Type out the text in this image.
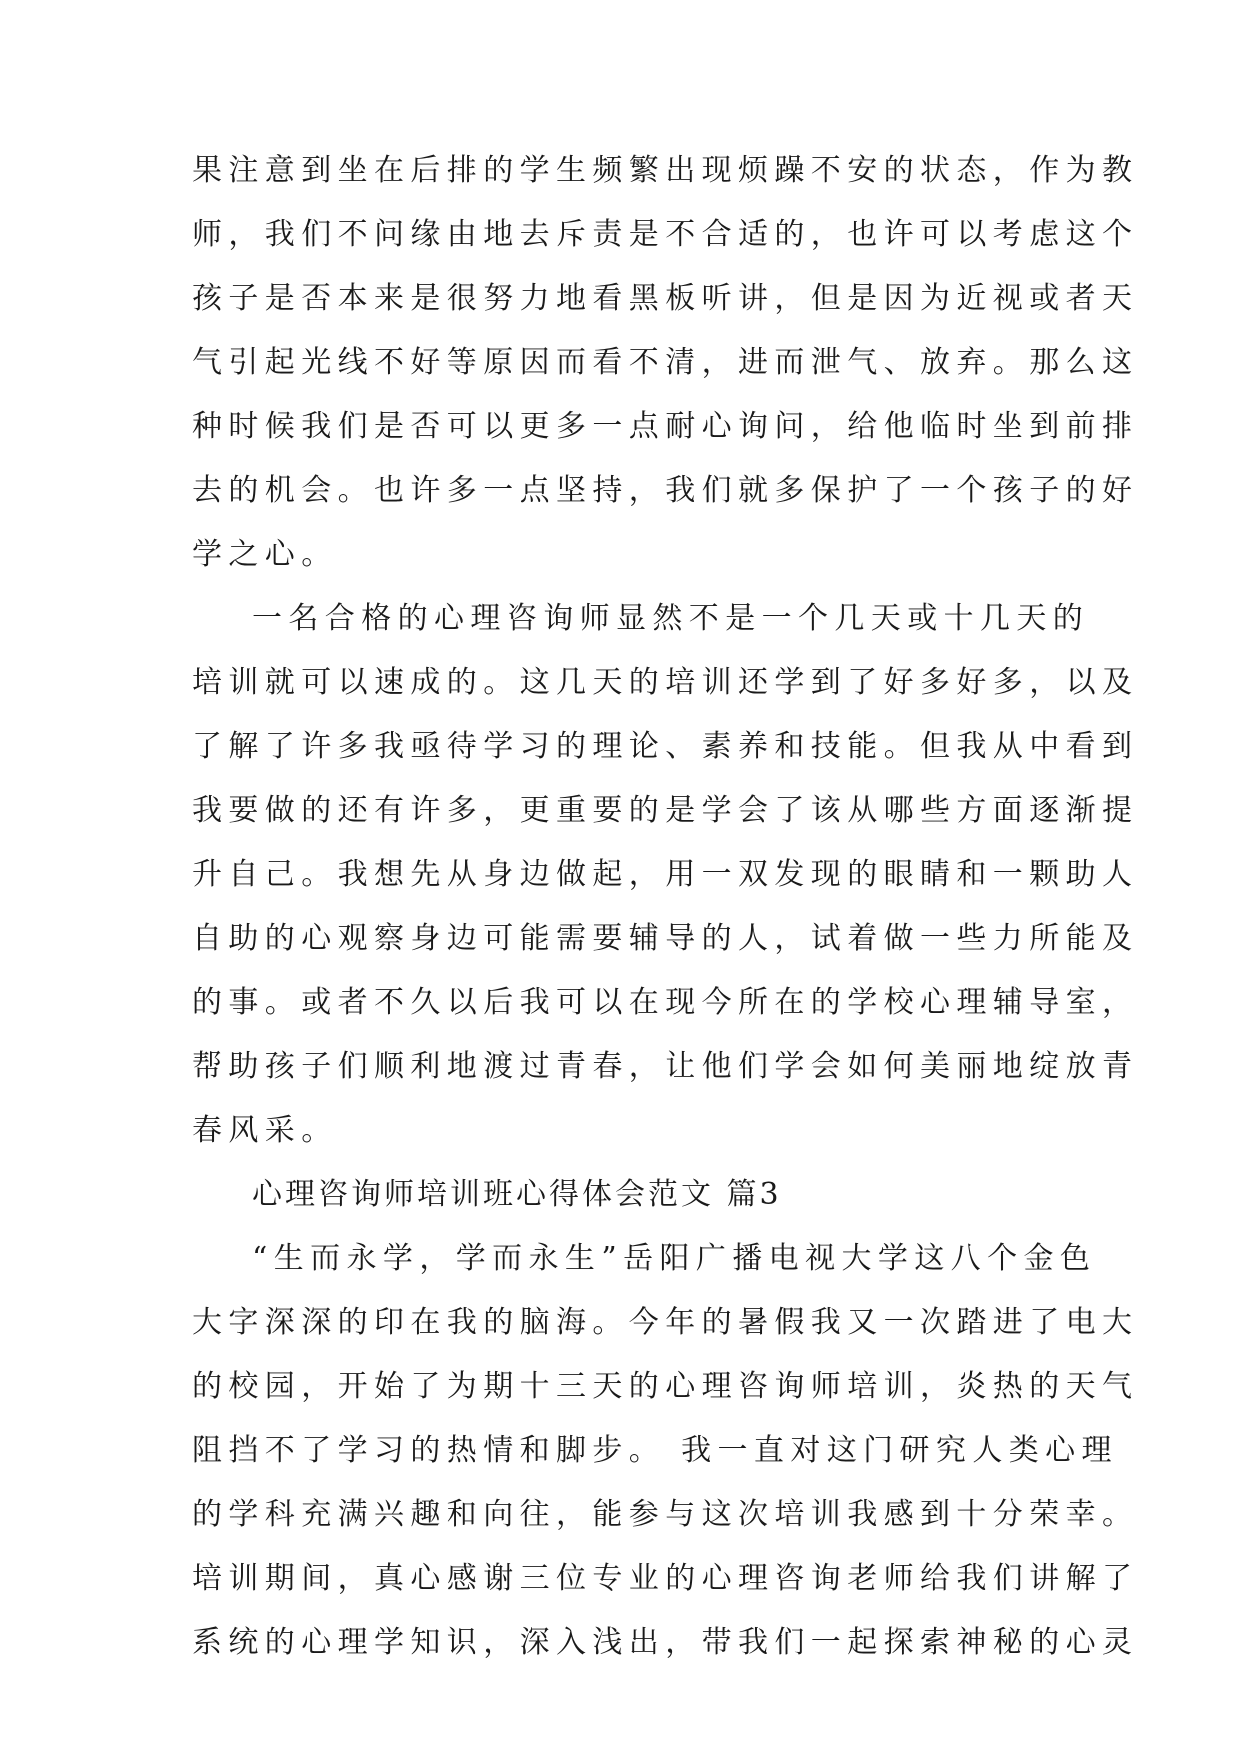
果注意到坐在后排的学生频繁出现烦躁不安的状态，作为教
师，我们不问缘由地去斥责是不合适的，也许可以考虑这个
孩子是否本来是很努力地看黑板听讲，但是因为近视或者天
气引起光线不好等原因而看不清，进而泄气、放弃。那么这
种时候我们是否可以更多一点耐心询问，给他临时坐到前排
去的机会。也许多一点坚持，我们就多保护了一个孩子的好
学之心。
一名合格的心理咨询师显然不是一个几天或十几天的
培训就可以速成的。这几天的培训还学到了好多好多，以及
了解了许多我亟待学习的理论、素养和技能。但我从中看到
我要做的还有许多，更重要的是学会了该从哪些方面逐渐提
升自己。我想先从身边做起，用一双发现的眼睛和一颗助人
自助的心观察身边可能需要辅导的人，试着做一些力所能及
的事。或者不久以后我可以在现今所在的学校心理辅导室，
帮助孩子们顺利地渡过青春，让他们学会如何美丽地绽放青
春风采。
心理咨询师培训班心得体会范文 篇3
“生而永学，学而永生”岳阳广播电视大学这八个金色
大字深深的印在我的脑海。今年的暑假我又一次踏进了电大
的校园，开始了为期十三天的心理咨询师培训，炎热的天气
阻挡不了学习的热情和脚步。 我一直对这门研究人类心理
的学科充满兴趣和向往，能参与这次培训我感到十分荣幸。
培训期间，真心感谢三位专业的心理咨询老师给我们讲解了
系统的心理学知识，深入浅出，带我们一起探索神秘的心灵
